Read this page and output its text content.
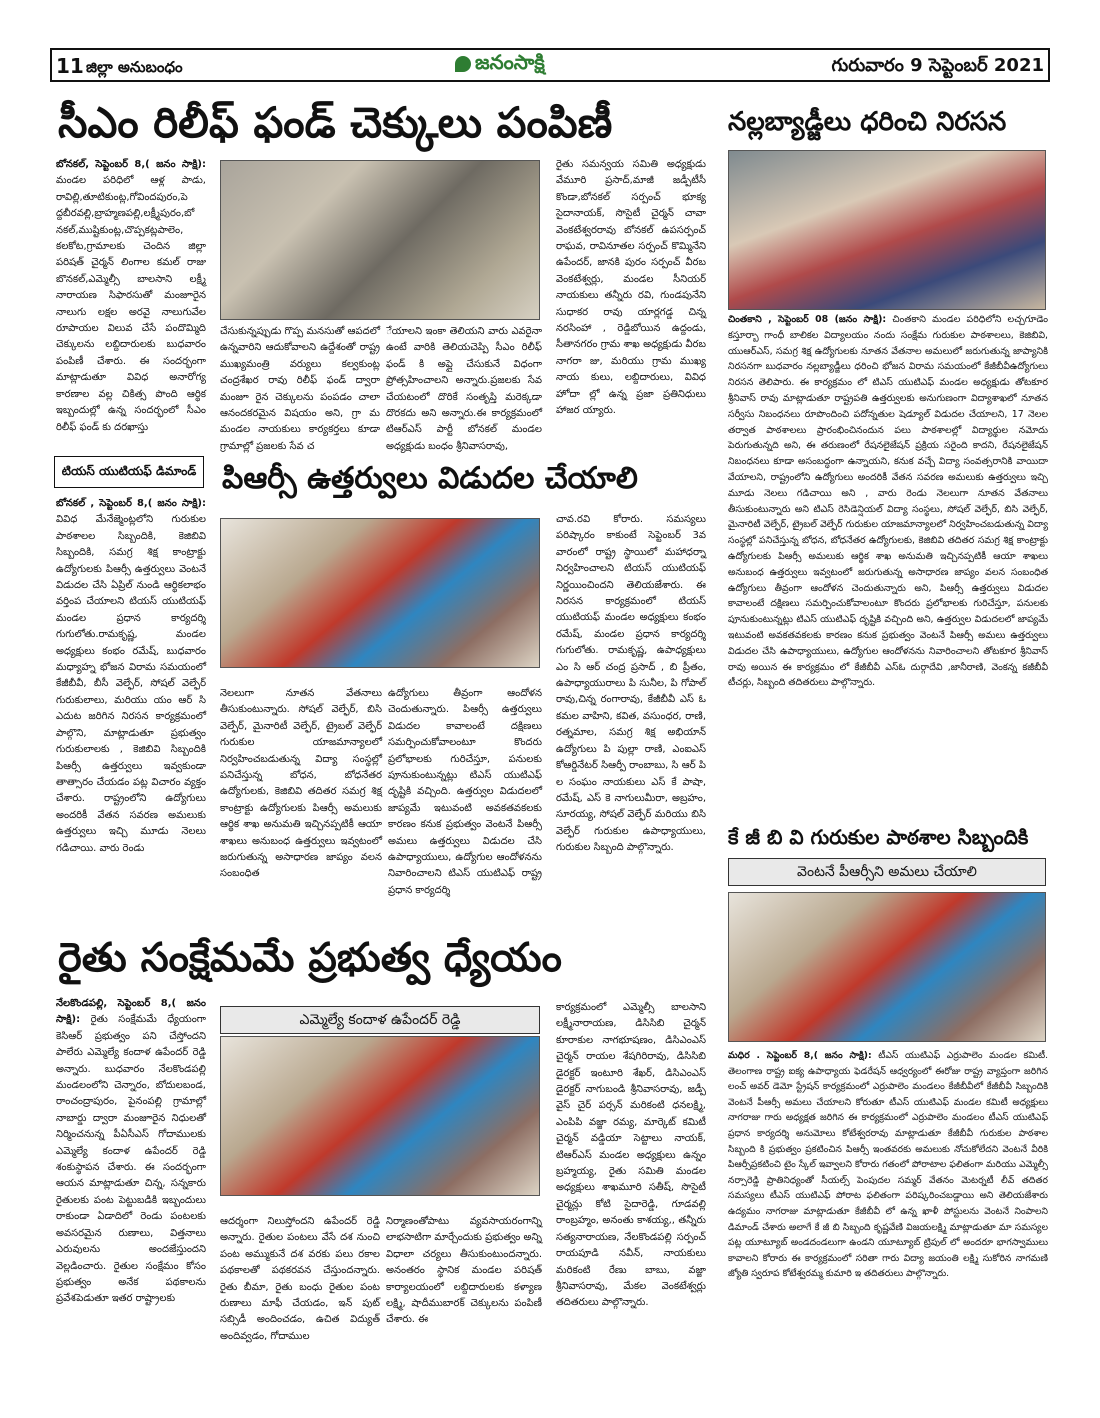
11 జిల్లా అనుబంధం	జనంసాక్షి	గురువారం 9 సెప్టెంబర్ 2021
సీఎం రిలీఫ్ ఫండ్ చెక్కులు పంపిణీ
బోనకల్, సెప్టెంబర్ 8,( జనం సాక్షి): మండల పరిధిలో ఆళ్ల పాడు, రావిల్లి,తూటికుంట్ల,గోవిందపురం,పె ద్దబీరవల్లి,బ్రాహ్మణపల్లి,లక్ష్మీపురం,బో నకల్,ముష్టికుంట్ల,చొప్పకట్లపాలెం, కలకోట,గ్రామాలకు చెందిన జిల్లా పరిషత్ చైర్మన్ లింగాల కమల్ రాజు బొనకల్,ఎమ్మెల్సీ బాలసాని లక్ష్మీ నారాయణ సిఫారసుతో మంజూరైన నాలుగు లక్షల అరవై నాలుగువేల రూపాయల విలువ చేసే పందొమ్మిది చెక్కులను లబ్దిదారులకు బుధవారం పంపిణీ చేశారు. ఈ సందర్భంగా మాట్లాడుతూ వివిధ అనారోగ్య కారణాల వల్ల చికిత్స పొంది ఆర్థిక ఇబ్బందుల్లో ఉన్న సందర్భంలో సీఎం రిలీఫ్ ఫండ్ కు దరఖాస్తు
చేసుకున్నప్పుడు గొప్ప మనసుతో ఆపదలో ఉన్నవారిని ఆదుకోవాలని ఉద్దేశంతో రాష్ట్ర ముఖ్యమంత్రి వర్యులు కల్వకుంట్ల చంద్రశేఖర రావు రిలీఫ్ ఫండ్ ద్వారా మంజూ రైన చెక్కులను పంపడం చాలా ఆనందకరమైన విషయం అని, గ్రా మ మండల నాయకులు కార్యకర్తలు కూడా గ్రామాల్లో ప్రజలకు సేవ చ
ేయాలని ఇంకా తెలియని వారు ఎవరైనా ఉంటే వారికి తెలియచెప్పి సీఎం రిలీఫ్ ఫండ్ కి అప్లై చేసుకునే విధంగా ప్రోత్సహించాలని అన్నారు.ప్రజలకు సేవ చేయటంలో దొరికే సంతృప్తి మరెక్కడా దొరకదు అని అన్నారు.ఈ కార్యక్రమంలో టిఆర్ఎస్ పార్టీ బోనకల్ మండల అధ్యక్షుడు బంధం శ్రీనివాసరావు,
రైతు సమన్వయ సమితి అధ్యక్షుడు వేమూరి ప్రసాద్,మాజీ జడ్పీటీసీ కొండా,బోనకల్ సర్పంచ్ భూక్య సైదానాయక్, సొసైటీ చైర్మన్ చావా వెంకటేశ్వరరావు బోనకల్ ఉపసర్పంచ్ రాఘవ, రావినూతల సర్పంచ్ కొమ్మినేని ఉపేందర్, జానకి పురం సర్పంచ్ వీరబ వెంకటేశ్వర్లు, మండల సీనియర్ నాయకులు తన్నీరు రవి, గుండపునేని సుధాకర రావు యార్లగడ్డ చిన్న నరసింహా , రెడ్డిబోయిన ఉద్దండు, సీతానగరం గ్రామ శాఖ అధ్యక్షుడు వీరబ నాగరా జు, మరియు గ్రామ ముఖ్య నాయ కులు, లబ్దిదారులు, వివిధ హోదా ల్లో ఉన్న ప్రజా ప్రతినిధులు హాజర య్యారు.
నల్లబ్యాడ్జీలు ధరించి నిరసన
చింతకాని , సెప్టెంబర్ 08 (జనం సాక్షి): చింతకాని మండల పరిధిలోని లచ్చగూడెం కస్తూర్బా గాంధీ బాలికల విద్యాలయం నందు సంక్షేమ గురుకుల పాఠశాలలు, కెజిబివి, యుఆర్ఎస్, సమగ్ర శిక్ష ఉద్యోగులకు నూతన వేతనాల అమలులో జరుగుతున్న జాప్యానికి నిరసనగా బుధవారం నల్లబ్యాడ్జీలు ధరించి భోజన విరామ సమయంలో కేజీబీవీఉద్యోగులు నిరసన తెలిపారు. ఈ కార్యక్రమం లో టిఎస్ యుటిఎఫ్ మండల అధ్యక్షుడు తోటకూర శ్రీనివాస్ రావు మాట్లాడుతూ రాష్ట్రపతి ఉత్తర్వులకు అనుగుణంగా విద్యాశాఖలో నూతన సర్వీసు నిబంధనలు రూపొందించి పదోన్నతుల షెడ్యూల్ విడుదల చేయాలని, 17 నెలల తర్వాత పాఠశాలలు ప్రారంభించినందున పలు పాఠశాలల్లో విద్యార్థుల నమోదు పెరుగుతున్నది అని, ఈ తరుణంలో రేషనలైజేషన్ ప్రక్రియ సరైంది కాదని, రేషనలైజేషన్ నిబంధనలు కూడా అసంబద్ధంగా ఉన్నాయని, కనుక వచ్చే విద్యా సంవత్సరానికి వాయిదా వేయాలని, రాష్ట్రంలోని ఉద్యోగులు అందరికీ వేతన సవరణ అమలుకు ఉత్తర్వులు ఇచ్చి మూడు నెలలు గడిచాయి అని , వారు రెండు నెలలుగా నూతన వేతనాలు తీసుకుంటున్నారు అని టిఎస్ రెసిడెన్షియల్ విద్యా సంస్థలు, సోషల్ వెల్ఫేర్, బిసి వెల్ఫేర్, మైనారిటీ వెల్ఫేర్, ట్రైబల్ వెల్ఫేర్ గురుకుల యాజమాన్యాలలో నిర్వహించబడుతున్న విద్యా సంస్థల్లో పనిచేస్తున్న బోధన, బోధనేతర ఉద్యోగులకు, కెజిబివి తదితర సమగ్ర శిక్ష కాంట్రాక్టు ఉద్యోగులకు పిఆర్సీ అమలుకు ఆర్థిక శాఖ అనుమతి ఇచ్చినప్పటికీ ఆయా శాఖలు అనుబంధ ఉత్తర్వులు ఇవ్వటంలో జరుగుతున్న అసాధారణ జాప్యం వలన సంబంధిత ఉద్యోగులు తీవ్రంగా ఆందోళన చెందుతున్నారు అని, పిఆర్సీ ఉత్తర్వులు విడుదల కావాలంటే దక్షిణలు సమర్పించుకోవాలంటూ కొందరు ప్రలోభాలకు గురిచేస్తూ, పనులకు పూనుకుంటున్నట్లు టిఎస్ యుటిఎఫ్ దృష్టికి వచ్చింది అని, ఉత్తర్వుల విడుదలలో జాప్యమే ఇటువంటి అవకతవకలకు కారణం కనుక ప్రభుత్వం వెంటనే పిఆర్సీ అమలు ఉత్తర్వులు విడుదల చేసి ఉపాధ్యాయులు, ఉద్యోగుల ఆందోళనను నివారించాలని తోటకూర శ్రీనివాస్ రావు అయిన ఈ కార్యక్రమం లో కేజీబీవీ ఎస్ఓ దుర్గాదేవి ,జానీరాణి, వెంకన్న కజీబీవీ టీచర్లు, సిబ్బంది తదితరులు పాల్గొన్నారు.
టియస్ యుటియఫ్ డిమాండ్ పిఆర్సీ ఉత్తర్వులు విడుదల చేయాలి
బోనకల్ , సెప్టెంబర్ 8,( జనం సాక్షి): వివిధ మేనేజ్మెంట్లలోని గురుకుల పాఠశాలల సిబ్బందికి, కెజిబివి సిబ్బందికి, సమగ్ర శిక్ష కాంట్రాక్టు ఉద్యోగులకు పిఆర్సీ ఉత్తర్వులు వెంటనే విడుదల చేసి ఏప్రిల్ నుండి ఆర్థికలాభం వర్తింప చేయాలని టియస్ యుటియఫ్ మండల ప్రధాన కార్యదర్శి గుగులోతు.రామకృష్ణ, మండల అధ్యక్షులు కంభం రమేష్, బుధవారం మధ్యాహ్న భోజన విరామ సమయంలో కేజీబీవీ, బీసీ వెల్ఫేర్, సోషల్ వెల్ఫేర్ గురుకులాలు, మరియు యం ఆర్ సి ఎదుట జరిగిన నిరసన కార్యక్రమంలో పాల్గొని, మాట్లాడుతూ ప్రభుత్వం గురుకులాలకు , కెజిబివి సిబ్బందికి పిఆర్సీ ఉత్తర్వులు ఇవ్వకుండా తాత్సారం చేయడం పట్ల విచారం వ్యక్తం చేశారు. రాష్ట్రంలోని ఉద్యోగులు అందరికీ వేతన సవరణ అమలుకు ఉత్తర్వులు ఇచ్చి మూడు నెలలు గడిచాయి. వారు రెండు
నెలలుగా నూతన వేతనాలు తీసుకుంటున్నారు. సోషల్ వెల్ఫేర్, బిసి వెల్ఫేర్, మైనారిటీ వెల్ఫేర్, ట్రైబల్ వెల్ఫేర్ గురుకుల యాజమాన్యాలలో నిర్వహించబడుతున్న విద్యా సంస్థల్లో పనిచేస్తున్న బోధన, బోధనేతర ఉద్యోగులకు, కెజిబివి తదితర సమగ్ర శిక్ష కాంట్రాక్టు ఉద్యోగులకు పిఆర్సీ అమలుకు ఆర్థిక శాఖ అనుమతి ఇచ్చినప్పటికీ ఆయా శాఖలు అనుబంధ ఉత్తర్వులు ఇవ్వటంలో జరుగుతున్న అసాధారణ జాప్యం వలన సంబంధిత
ఉద్యోగులు తీవ్రంగా ఆందోళన చెందుతున్నారు. పిఆర్సీ ఉత్తర్వులు విడుదల కావాలంటే దక్షిణలు సమర్పించుకోవాలంటూ కొందరు ప్రలోభాలకు గురిచేస్తూ, పనులకు పూనుకుంటున్నట్లు టిఎస్ యుటిఎఫ్ దృష్టికి వచ్చింది. ఉత్తర్వుల విడుదలలో జాప్యమే ఇటువంటి అవకతవకలకు కారణం కనుక ప్రభుత్వం వెంటనే పిఆర్సీ అమలు ఉత్తర్వులు విడుదల చేసి ఉపాధ్యాయులు, ఉద్యోగుల ఆందోళనను నివారించాలని టిఎస్ యుటిఎఫ్ రాష్ట్ర ప్రధాన కార్యదర్శి
చావ.రవి కోరారు. సమస్యలు పరిష్కారం కాకుంటే సెప్టెంబర్ 3వ వారంలో రాష్ట్ర స్థాయిలో మహాధర్నా నిర్వహించాలని టియస్ యుటియఫ్ నిర్ణయించిందని తెలియజేశారు. ఈ నిరసన కార్యక్రమంలో టియస్ యుటియఫ్ మండల అధ్యక్షులు కంభం రమేష్, మండల ప్రధాన కార్యదర్శి గుగులోతు. రామకృష్ణ, ఉపాధ్యక్షులు ఎం సి ఆర్ చంద్ర ప్రసాద్ , బి ప్రీతం, ఉపాధ్యాయురాలు పి సునీల, పి గోపాల్ రావు,చిన్న రంగారావు, కేజీబీవీ ఎస్ ఓ కమల వాహిని, కవిత, వసుంధర, రాణి, రత్నమాల, సమగ్ర శిక్ష అభియాన్ ఉద్యోగులు పి పుల్లా రాణి, ఎంఐఎస్ కోఆర్డినేటర్ సిఆర్పీ రాంబాబు, సి ఆర్ పి ల సంఘం నాయకులు ఎస్ కే పాషా, రమేష్, ఎస్ కె నాగులుమీరా, అబ్రహం, సూరయ్య, సోషల్ వెల్ఫేర్ మరియు బిసి వెల్ఫేర్ గురుకుల ఉపాధ్యాయులు, గురుకుల సిబ్బంది పాల్గొన్నారు.	కే జీ బి వి గురుకుల పాఠశాల సిబ్బందికి
వెంటనే పీఆర్సీని అమలు చేయాలి
మధిర . సెప్టెంబర్ 8,( జనం సాక్షి): టీఎస్ యుటిఎఫ్ ఎర్రుపాలెం మండల కమిటీ. తెలంగాణ రాష్ట్ర ఐక్య ఉపాధ్యాయ ఫెడరేషన్ ఆధ్వర్యంలో ఈరోజు రాష్ట్ర వ్యాప్తంగా జరిగిన లంచ్ అవర్ డెమో స్ట్రేషన్ కార్యక్రమంలో ఎర్రుపాలెం మండలం కేజీబీవీలో కేజీబీవీ సిబ్బందికి వెంటనే పీఆర్సీ అమలు చేయాలని కోరుతూ టీఎస్ యుటిఎఫ్ మండల కమిటీ అధ్యక్షులు నాగరాజు గారు అధ్యక్షత జరిగిన ఈ కార్యక్రమంలో ఎర్రుపాలెం మండలం టీఎస్ యుటిఎఫ్ ప్రధాన కార్యదర్శి అనుమోలు కోటేశ్వరరావు మాట్లాడుతూ కేజీబీవీ గురుకుల పాఠశాల సిబ్బంది కి ప్రభుత్వం ప్రకటించిన పిఆర్సీ ఇంతవరకు అమలుకు నోచుకోలేదని వెంటనే వీరికి పిఆర్సీప్రకటించి టైం స్కేల్ ఇవ్వాలని కోరారు గతంలో పోరాటాల ఫలితంగా మరియు ఎమ్మెల్సీ నర్సారెడ్డి ప్రాతినిధ్యంతో సీయల్స్ పెంపుదల సమ్మర్ వేతనం మెటర్నటీ లీవ్ తదితర సమస్యలు టీఎస్ యుటిఎఫ్ పోరాట ఫలితంగా పరిష్కరించబడ్డాయి అని తెలియజేశారు ఉద్యమం నాగరాజు మాట్లాడుతూ కేజీబీవీ లో ఉన్న ఖాళీ పోస్టులను వెంటనే నింపాలని డిమాండ్ చేశారు అలాగే కే జీ బి సిబ్బంది కృష్ణవేణి విజయలక్ష్మి మాట్లాడుతూ మా సమస్యల పట్ల యూట్యూబ్ అండదండలుగా ఉండని యూట్యూబ్ ట్రిపుల్ లో అందరూ భాగస్వాములు కావాలని కోరారు ఈ కార్యక్రమంలో సరితా గారు విద్యా జయంతి లక్ష్మి సుకోరిన నాగమణి జ్యోతి స్వరూప కోటేశ్వరమ్మ కుమారి ఇ తదితరులు పాల్గొన్నారు.
రైతు సంక్షేమమే ప్రభుత్వ ధ్యేయం
నేలకొండపల్లి, సెప్టెంబర్ 8,( జనం సాక్షి): రైతు సంక్షేమమే ధ్యేయంగా కెసిఆర్ ప్రభుత్వం పని చేస్తోందని పాలేరు ఎమ్మెల్యే కందాళ ఉపేందర్ రెడ్డి అన్నారు. బుధవారం నేలకొండపల్లి మండలంలోని చెన్నారం, బోదులబండ, రాంచంద్రాపురం, పైనంపల్లి గ్రామాల్లో నాబార్డు ద్వారా మంజూరైన నిధులతో నిర్మించనున్న పీఏసీఎస్ గోదాములకు ఎమ్మెల్యే కందాళ ఉపేందర్ రెడ్డి శంకుస్థాపన చేశారు. ఈ సందర్భంగా ఆయన మాట్లాడుతూ చిన్న, సన్నకారు రైతులకు పంట పెట్టుబడికి ఇబ్బందులు రాకుండా ఏడాదిలో రెండు పంటలకు అవసరమైన రుణాలు, విత్తనాలు ఎరువులను అందజేస్తుందని వెల్లడించారు. రైతుల సంక్షేమం కోసం ప్రభుత్వం అనేక పథకాలను ప్రవేశపెడుతూ ఇతర రాష్ట్రాలకు
ఎమ్మెల్యే కందాళ ఉపేందర్ రెడ్డి
ఆదర్శంగా నిలుస్తోందని ఉపేందర్ రెడ్డి అన్నారు. రైతుల పంటలు వేసే దశ నుంచి పంట అమ్ముకునే దశ వరకు పలు రకాల పథకాలతో పథకరవన చేస్తుందన్నారు. రైతు బీమా, రైతు బంధు రైతుల పంట రుణాలు మాఫీ చేయడం, ఇన్ పుట్ సబ్సిడీ అందించడం, ఉచిత విద్యుత్ అందివ్వడం, గోదాముల
నిర్మాణంతోపాటు వ్యవసాయరంగాన్ని లాభసాటిగా మార్చేందుకు ప్రభుత్వం అన్ని విధాలా చర్యలు తీసుకుంటుందన్నారు. అనంతరం స్థానిక మండల పరిషత్ కార్యాలయంలో లబ్దిదారులకు కళ్యాణ లక్ష్మి, షాదీముబారక్ చెక్కులను పంపిణీ చేశారు. ఈ
కార్యక్రమంలో ఎమ్మెల్సీ బాలసాని లక్ష్మీనారాయణ, డిసిసిబి చైర్మన్ కూరాకుల నాగభూషణం, డిసిఎంఎస్ చైర్మన్ రాయల శేషగిరిరావు, డిసిసిబి డైరక్టర్ ఇంటూరి శేఖర్, డిసిఎంఎస్ డైరక్టర్ నాగుబండి శ్రీనివాసరావు, జడ్పీ వైస్ చైర్ పర్సన్ మరికంటి ధనలక్ష్మి, ఎంపిపి వజ్జా రమ్య, మార్కెట్ కమిటీ చైర్మన్ వడ్డియా సెట్టాలు నాయక్, టిఆర్ఎస్ మండల అధ్యక్షులు ఉన్నం బ్రహ్మయ్య, రైతు సమితి మండల అధ్యక్షులు శాఖమూరి సతీష్, సొసైటీ చైర్మన్లు కోటి సైదారెడ్డి, గూడవల్లి రాంబ్రహ్మం, అనంతు కాశయ్య,, తన్నీరు సత్యనారాయణ, నేలకొండపల్లి సర్పంచ్ రాయపూడి నవీన్, నాయకులు మరికంటి రేణు బాబు, వజ్జా శ్రీనివాసరావు, మేకల వెంకటేశ్వర్లు తదితరులు పాల్గొన్నారు.
